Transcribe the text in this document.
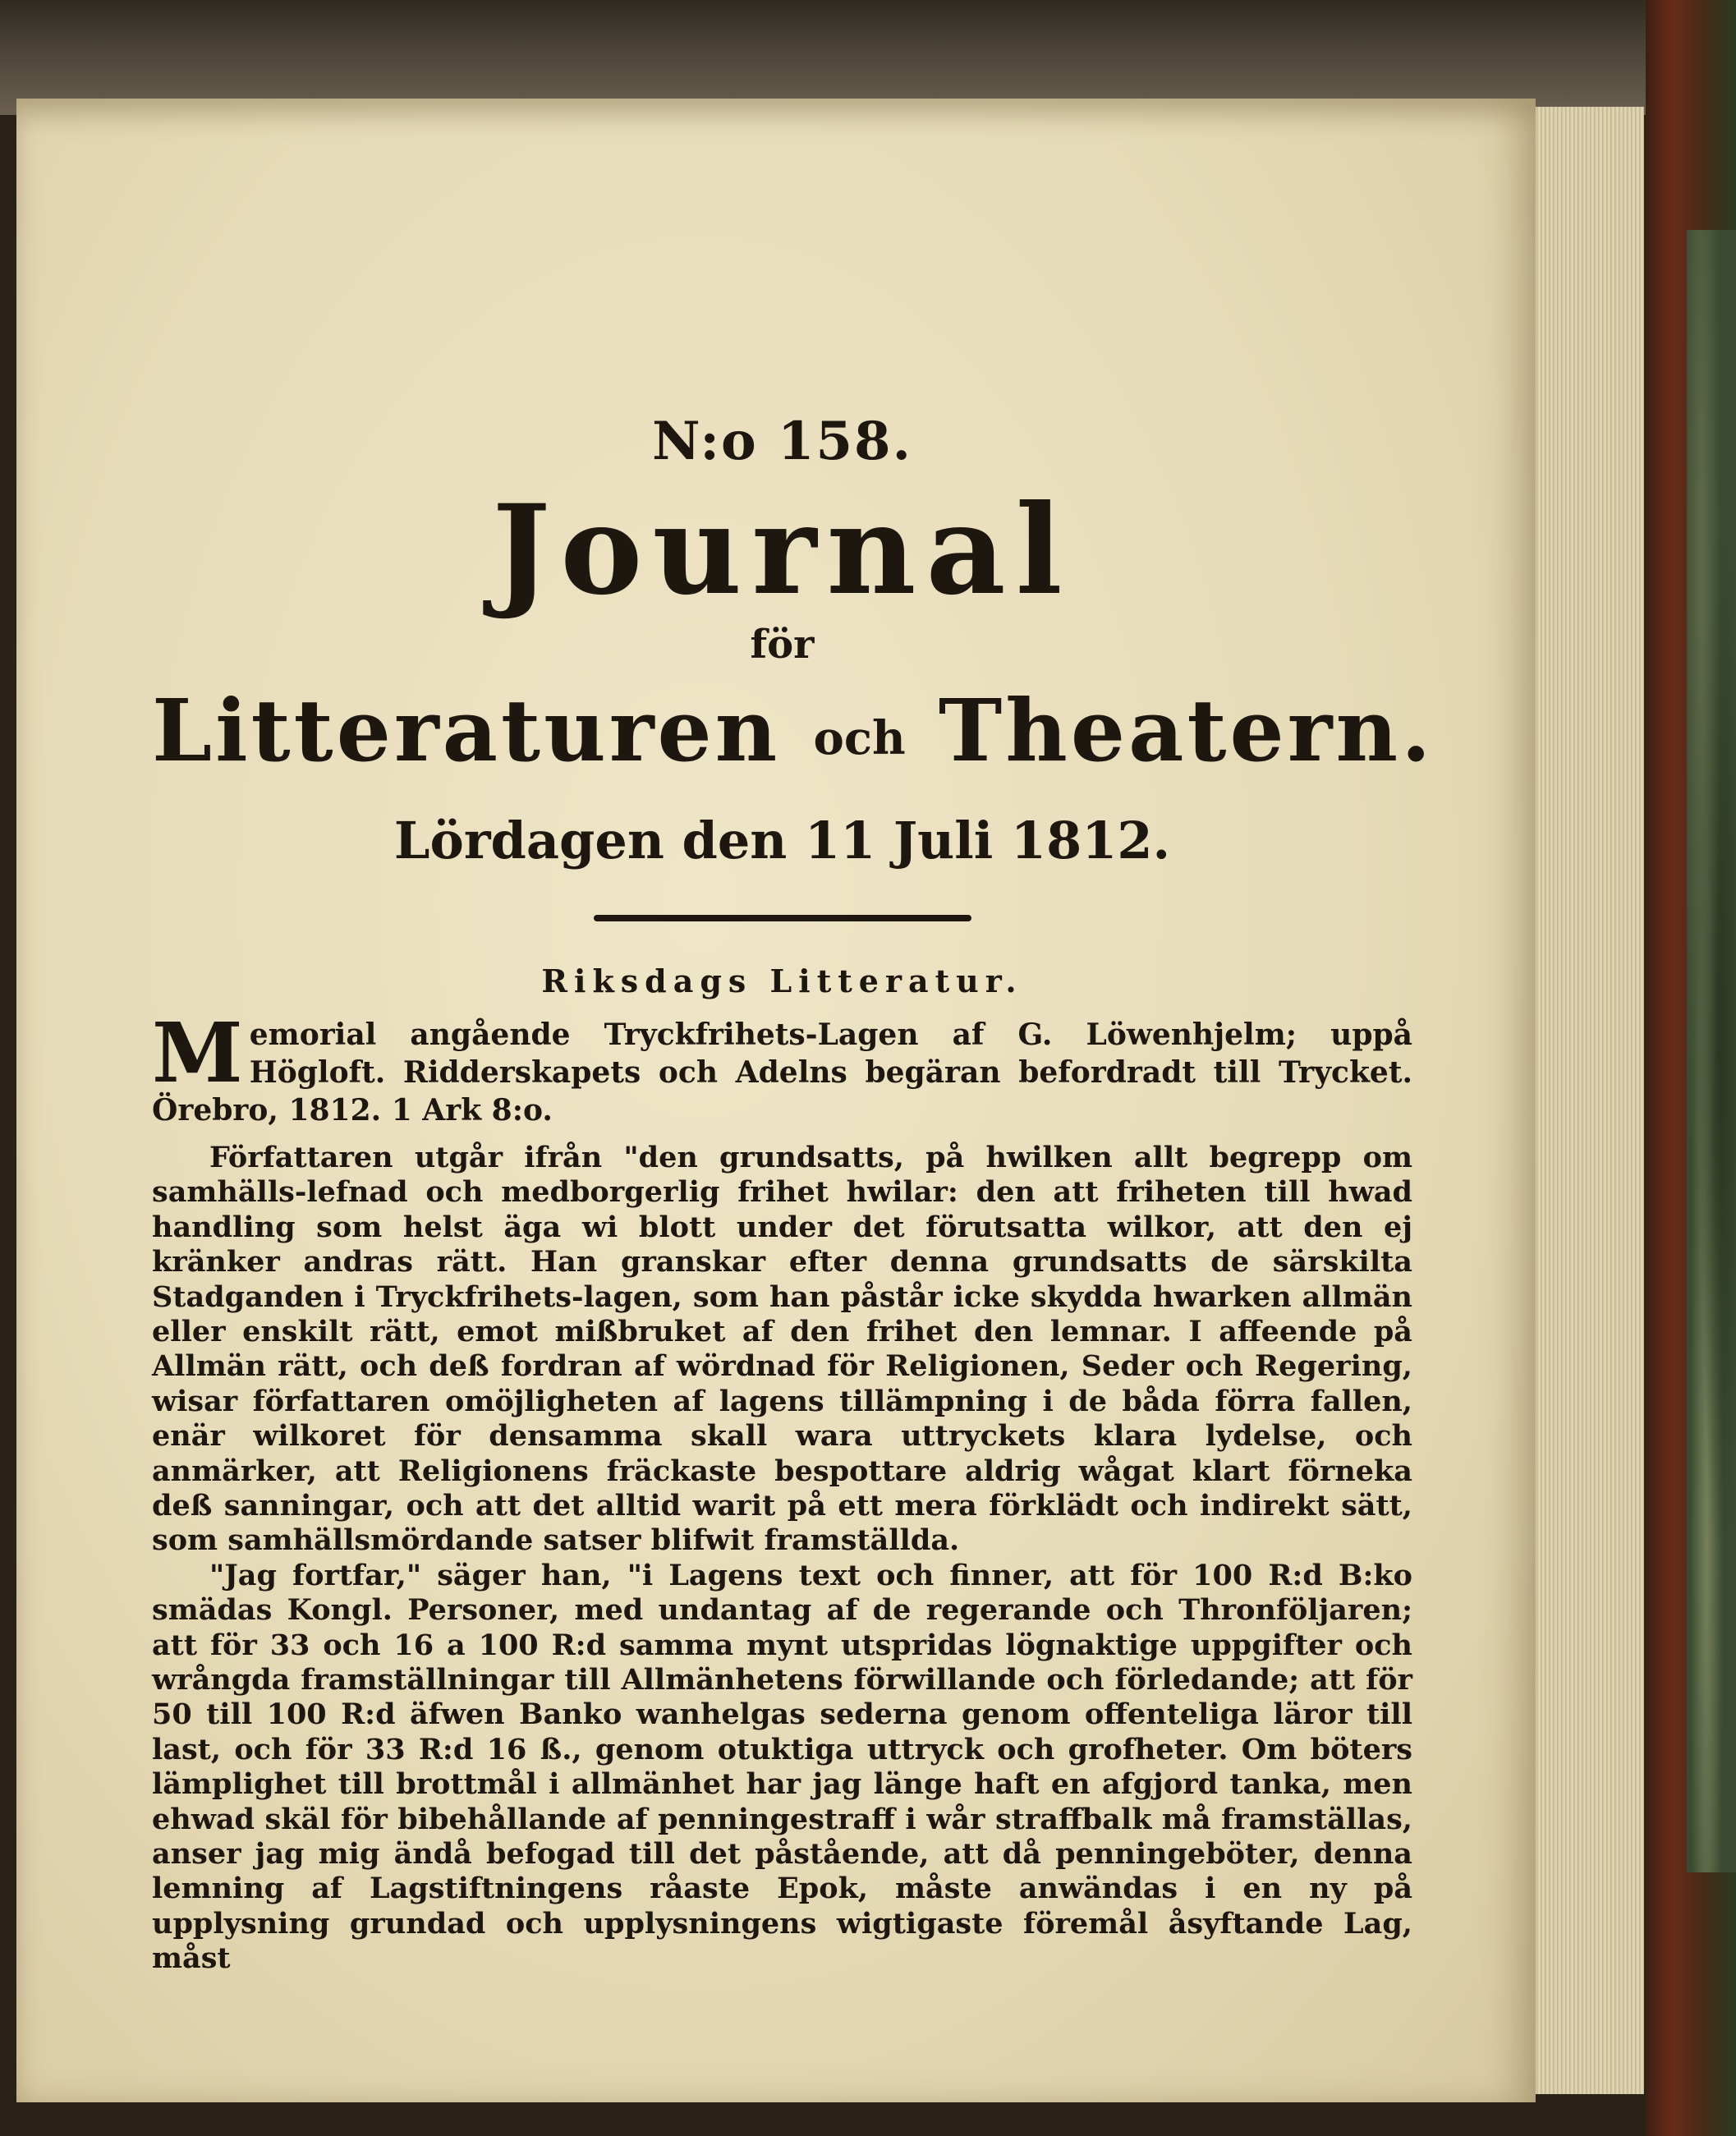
N:o 158.

Journal

för

Litteraturen och Theatern.

Lördagen den 11 Juli 1812.

Riksdags Litteratur.

Memorial angående Tryckfrihets-Lagen af G. Löwenhjelm; uppå Högloft. Ridderskapets och Adelns begäran befordradt till Trycket. Örebro, 1812. 1 Ark 8:o.

Författaren utgår ifrån "den grundsatts, på hwilken allt begrepp om samhälls-lefnad och medborgerlig frihet hwilar: den att friheten till hwad handling som helst äga wi blott under det förutsatta wilkor, att den ej kränker andras rätt. Han granskar efter denna grundsatts de särskilta Stadganden i Tryckfrihets-lagen, som han påstår icke skydda hwarken allmän eller enskilt rätt, emot mißbruket af den frihet den lemnar. I affeende på Allmän rätt, och deß fordran af wördnad för Religionen, Seder och Regering, wisar författaren omöjligheten af lagens tillämpning i de båda förra fallen, enär wilkoret för densamma skall wara uttryckets klara lydelse, och anmärker, att Religionens fräckaste bespottare aldrig wågat klart förneka deß sanningar, och att det alltid warit på ett mera förklädt och indirekt sätt, som samhällsmördande satser blifwit framställda.

"Jag fortfar," säger han, "i Lagens text och finner, att för 100 R:d B:ko smädas Kongl. Personer, med undantag af de regerande och Thronföljaren; att för 33 och 16 a 100 R:d samma mynt utspridas lögnaktige uppgifter och wrångda framställningar till Allmänhetens förwillande och förledande; att för 50 till 100 R:d äfwen Banko wanhelgas sederna genom offenteliga läror till last, och för 33 R:d 16 ß., genom otuktiga uttryck och grofheter. Om böters lämplighet till brottmål i allmänhet har jag länge haft en afgjord tanka, men ehwad skäl för bibehållande af penningestraff i wår straffbalk må framställas, anser jag mig ändå befogad till det påstående, att då penningeböter, denna lemning af Lagstiftningens råaste Epok, måste anwändas i en ny på upplysning grundad och upplysningens wigtigaste föremål åsyftande Lag, måst
